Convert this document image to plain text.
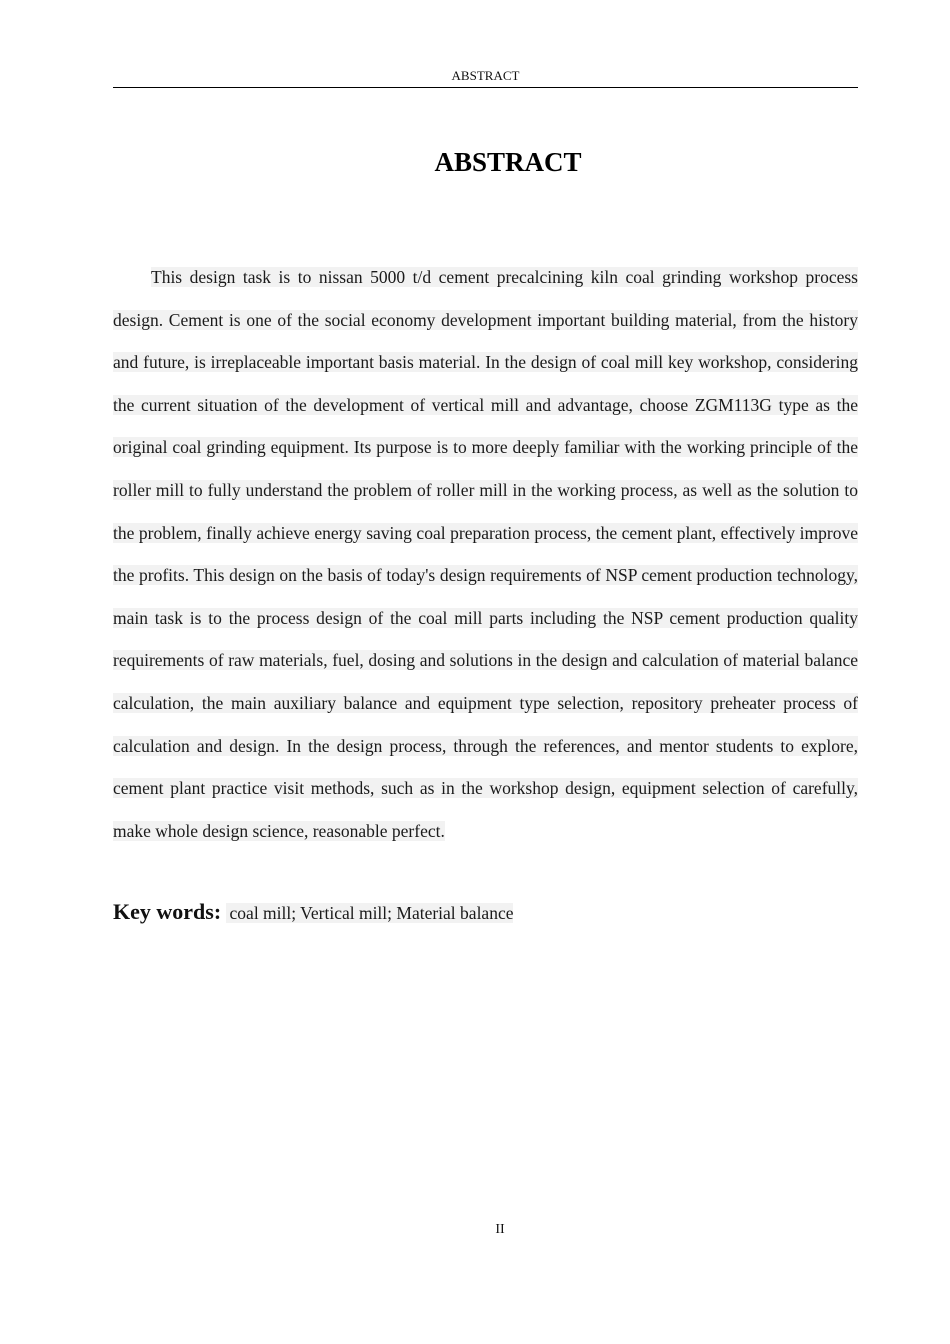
ABSTRACT
ABSTRACT

This design task is to nissan 5000 t/d cement precalcining kiln coal grinding workshop process design. Cement is one of the social economy development important building material, from the history and future, is irreplaceable important basis material. In the design of coal mill key workshop, considering the current situation of the development of vertical mill and advantage, choose ZGM113G type as the original coal grinding equipment. Its purpose is to more deeply familiar with the working principle of the roller mill to fully understand the problem of roller mill in the working process, as well as the solution to the problem, finally achieve energy saving coal preparation process, the cement plant, effectively improve the profits. This design on the basis of today's design requirements of NSP cement production technology, main task is to the process design of the coal mill parts including the NSP cement production quality requirements of raw materials, fuel, dosing and solutions in the design and calculation of material balance calculation, the main auxiliary balance and equipment type selection, repository preheater process of calculation and design. In the design process, through the references, and mentor students to explore, cement plant practice visit methods, such as in the workshop design, equipment selection of carefully, make whole design science, reasonable perfect.

Key words: coal mill; Vertical mill; Material balance
II
